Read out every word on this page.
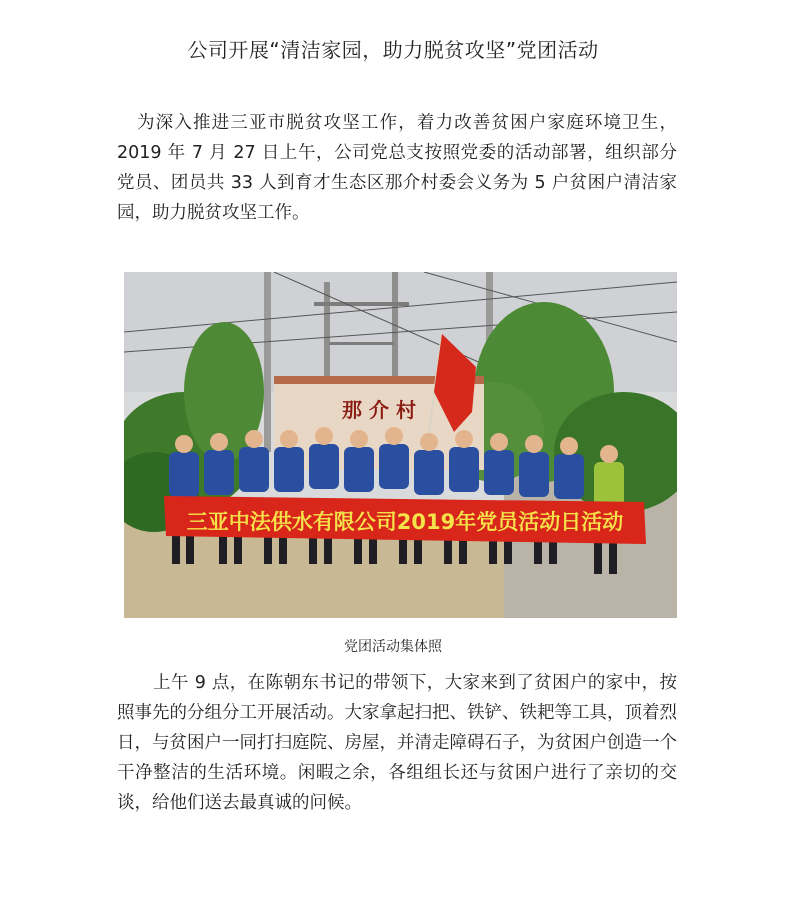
公司开展“清洁家园，助力脱贫攻坚”党团活动
为深入推进三亚市脱贫攻坚工作，着力改善贫困户家庭环境卫生，2019 年 7 月 27 日上午，公司党总支按照党委的活动部署，组织部分党员、团员共 33 人到育才生态区那介村委会义务为 5 户贫困户清洁家园，助力脱贫攻坚工作。
那 介 村
三亚中法供水有限公司2019年党员活动日活动
党团活动集体照
上午 9 点，在陈朝东书记的带领下，大家来到了贫困户的家中，按照事先的分组分工开展活动。大家拿起扫把、铁铲、铁耙等工具，顶着烈日，与贫困户一同打扫庭院、房屋，并清走障碍石子，为贫困户创造一个干净整洁的生活环境。闲暇之余，各组组长还与贫困户进行了亲切的交谈，给他们送去最真诚的问候。
